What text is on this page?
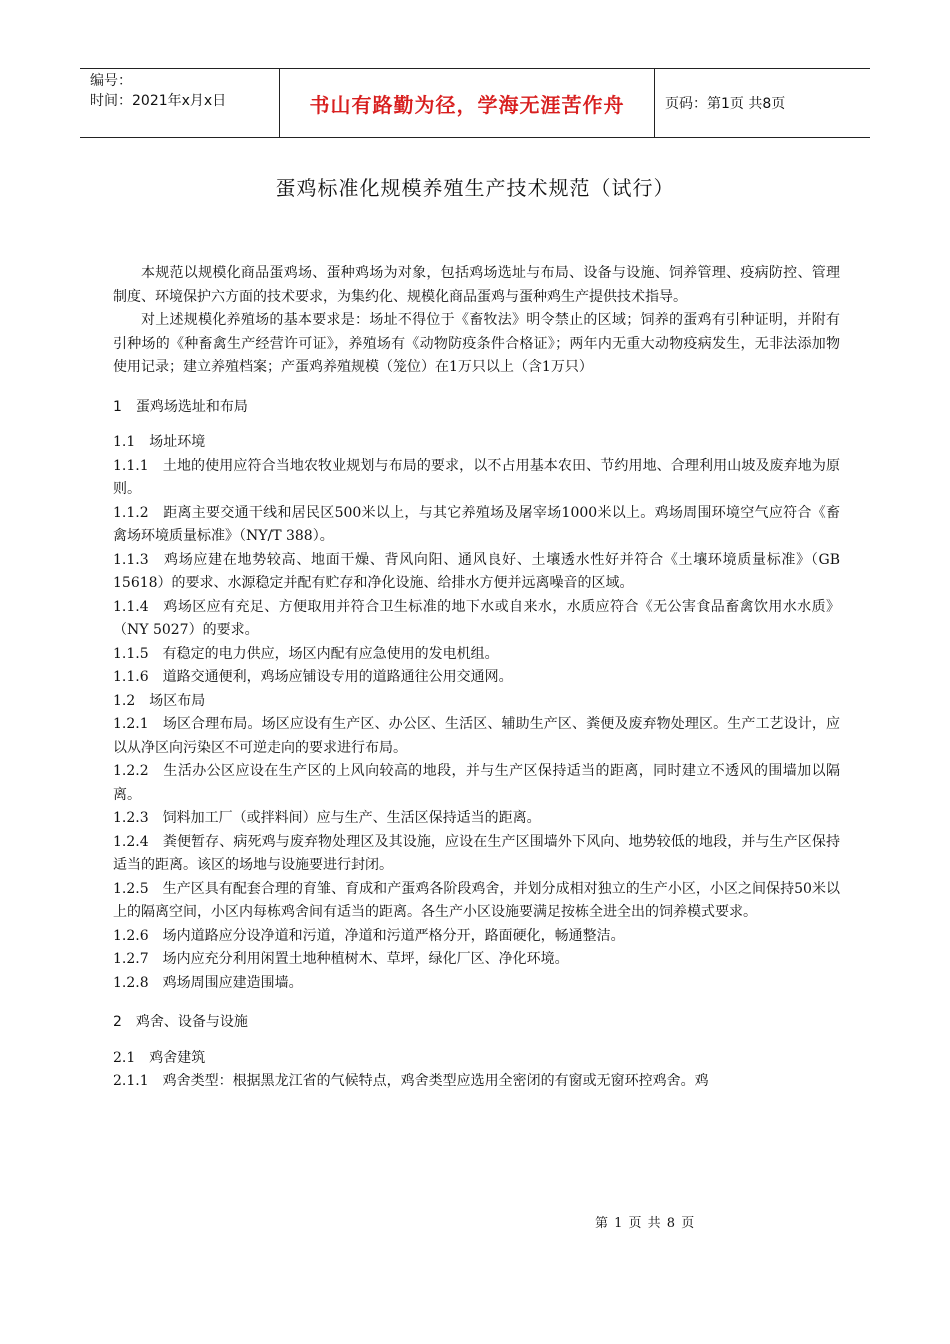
编号：
时间：2021年x月x日	书山有路勤为径，学海无涯苦作舟	页码：第1页 共8页
蛋鸡标准化规模养殖生产技术规范（试行）

本规范以规模化商品蛋鸡场、蛋种鸡场为对象，包括鸡场选址与布局、设备与设施、饲养管理、疫病防控、管理制度、环境保护六方面的技术要求，为集约化、规模化商品蛋鸡与蛋种鸡生产提供技术指导。

对上述规模化养殖场的基本要求是：场址不得位于《畜牧法》明令禁止的区域；饲养的蛋鸡有引种证明，并附有引种场的《种畜禽生产经营许可证》，养殖场有《动物防疫条件合格证》；两年内无重大动物疫病发生，无非法添加物使用记录；建立养殖档案；产蛋鸡养殖规模（笼位）在1万只以上（含1万只）

1　蛋鸡场选址和布局

1.1　场址环境

1.1.1　土地的使用应符合当地农牧业规划与布局的要求，以不占用基本农田、节约用地、合理利用山坡及废弃地为原则。

1.1.2　距离主要交通干线和居民区500米以上，与其它养殖场及屠宰场1000米以上。鸡场周围环境空气应符合《畜禽场环境质量标准》（NY/T 388）。

1.1.3　鸡场应建在地势较高、地面干燥、背风向阳、通风良好、土壤透水性好并符合《土壤环境质量标准》（GB 15618）的要求、水源稳定并配有贮存和净化设施、给排水方便并远离噪音的区域。

1.1.4　鸡场区应有充足、方便取用并符合卫生标准的地下水或自来水，水质应符合《无公害食品畜禽饮用水水质》（NY 5027）的要求。

1.1.5　有稳定的电力供应，场区内配有应急使用的发电机组。

1.1.6　道路交通便利，鸡场应铺设专用的道路通往公用交通网。

1.2　场区布局

1.2.1　场区合理布局。场区应设有生产区、办公区、生活区、辅助生产区、粪便及废弃物处理区。生产工艺设计，应以从净区向污染区不可逆走向的要求进行布局。

1.2.2　生活办公区应设在生产区的上风向较高的地段，并与生产区保持适当的距离，同时建立不透风的围墙加以隔离。

1.2.3　饲料加工厂（或拌料间）应与生产、生活区保持适当的距离。

1.2.4　粪便暂存、病死鸡与废弃物处理区及其设施，应设在生产区围墙外下风向、地势较低的地段，并与生产区保持适当的距离。该区的场地与设施要进行封闭。

1.2.5　生产区具有配套合理的育雏、育成和产蛋鸡各阶段鸡舍，并划分成相对独立的生产小区，小区之间保持50米以上的隔离空间，小区内每栋鸡舍间有适当的距离。各生产小区设施要满足按栋全进全出的饲养模式要求。

1.2.6　场内道路应分设净道和污道，净道和污道严格分开，路面硬化，畅通整洁。

1.2.7　场内应充分利用闲置土地种植树木、草坪，绿化厂区、净化环境。

1.2.8　鸡场周围应建造围墙。

2　鸡舍、设备与设施

2.1　鸡舍建筑

2.1.1　鸡舍类型：根据黑龙江省的气候特点，鸡舍类型应选用全密闭的有窗或无窗环控鸡舍。鸡

第 1 页 共 8 页
